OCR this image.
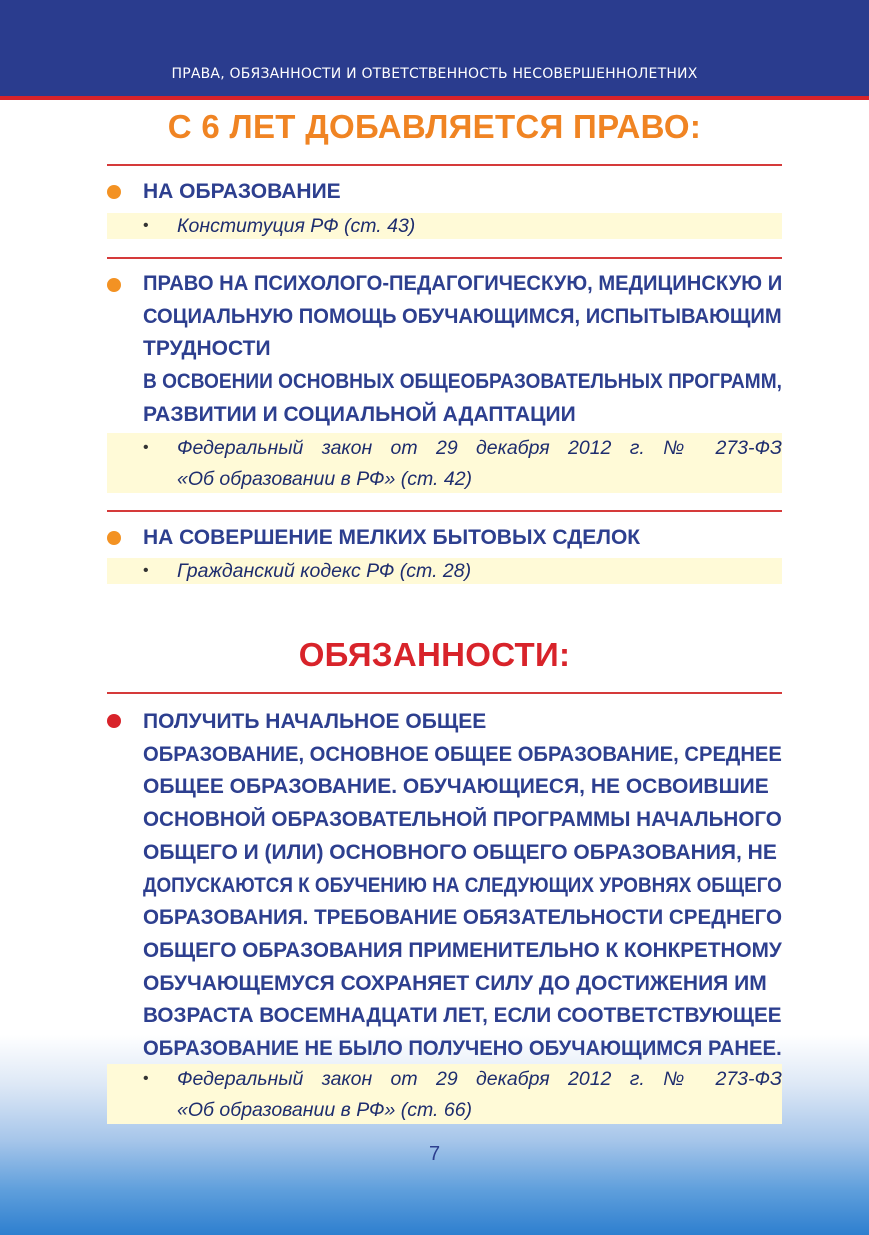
ПРАВА, ОБЯЗАННОСТИ И ОТВЕТСТВЕННОСТЬ НЕСОВЕРШЕННОЛЕТНИХ
С 6 ЛЕТ ДОБАВЛЯЕТСЯ ПРАВО:
НА ОБРАЗОВАНИЕ
• Конституция РФ (ст. 43)
ПРАВО НА ПСИХОЛОГО-ПЕДАГОГИЧЕСКУЮ, МЕДИЦИНСКУЮ И
СОЦИАЛЬНУЮ ПОМОЩЬ ОБУЧАЮЩИМСЯ, ИСПЫТЫВАЮЩИМ
ТРУДНОСТИ
В ОСВОЕНИИ ОСНОВНЫХ ОБЩЕОБРАЗОВАТЕЛЬНЫХ ПРОГРАММ,
РАЗВИТИИ И СОЦИАЛЬНОЙ АДАПТАЦИИ
• Федеральный закон от 29 декабря 2012 г. № 273-ФЗ
«Об образовании в РФ» (ст. 42)
НА СОВЕРШЕНИЕ МЕЛКИХ БЫТОВЫХ СДЕЛОК
• Гражданский кодекс РФ (ст. 28)
ОБЯЗАННОСТИ:
ПОЛУЧИТЬ НАЧАЛЬНОЕ ОБЩЕЕ
ОБРАЗОВАНИЕ, ОСНОВНОЕ ОБЩЕЕ ОБРАЗОВАНИЕ, СРЕДНЕЕ
ОБЩЕЕ ОБРАЗОВАНИЕ. ОБУЧАЮЩИЕСЯ, НЕ ОСВОИВШИЕ
ОСНОВНОЙ ОБРАЗОВАТЕЛЬНОЙ ПРОГРАММЫ НАЧАЛЬНОГО
ОБЩЕГО И (ИЛИ) ОСНОВНОГО ОБЩЕГО ОБРАЗОВАНИЯ, НЕ
ДОПУСКАЮТСЯ К ОБУЧЕНИЮ НА СЛЕДУЮЩИХ УРОВНЯХ ОБЩЕГО
ОБРАЗОВАНИЯ. ТРЕБОВАНИЕ ОБЯЗАТЕЛЬНОСТИ СРЕДНЕГО
ОБЩЕГО ОБРАЗОВАНИЯ ПРИМЕНИТЕЛЬНО К КОНКРЕТНОМУ
ОБУЧАЮЩЕМУСЯ СОХРАНЯЕТ СИЛУ ДО ДОСТИЖЕНИЯ ИМ
ВОЗРАСТА ВОСЕМНАДЦАТИ ЛЕТ, ЕСЛИ СООТВЕТСТВУЮЩЕЕ
ОБРАЗОВАНИЕ НЕ БЫЛО ПОЛУЧЕНО ОБУЧАЮЩИМСЯ РАНЕЕ.
• Федеральный закон от 29 декабря 2012 г. № 273-ФЗ
«Об образовании в РФ» (ст. 66)
7
